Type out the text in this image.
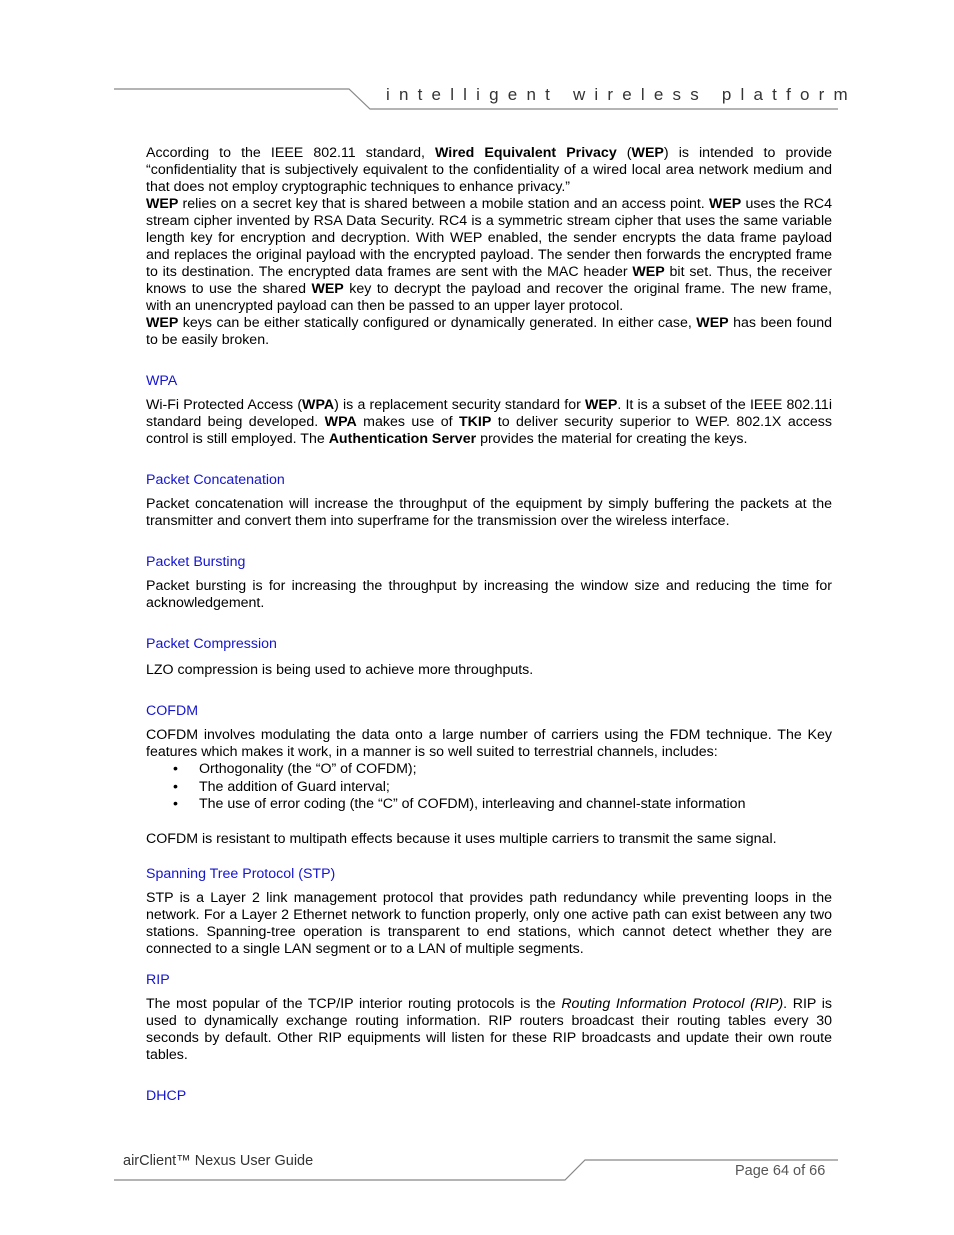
intelligent wireless platform

According to the IEEE 802.11 standard, Wired Equivalent Privacy (WEP) is intended to provide “confidentiality that is subjectively equivalent to the confidentiality of a wired local area network medium and that does not employ cryptographic techniques to enhance privacy.”

WEP relies on a secret key that is shared between a mobile station and an access point. WEP uses the RC4 stream cipher invented by RSA Data Security. RC4 is a symmetric stream cipher that uses the same variable length key for encryption and decryption. With WEP enabled, the sender encrypts the data frame payload and replaces the original payload with the encrypted payload. The sender then forwards the encrypted frame to its destination. The encrypted data frames are sent with the MAC header WEP bit set. Thus, the receiver knows to use the shared WEP key to decrypt the payload and recover the original frame. The new frame, with an unencrypted payload can then be passed to an upper layer protocol.

WEP keys can be either statically configured or dynamically generated. In either case, WEP has been found to be easily broken.

WPA

Wi-Fi Protected Access (WPA) is a replacement security standard for WEP. It is a subset of the IEEE 802.11i standard being developed. WPA makes use of TKIP to deliver security superior to WEP. 802.1X access control is still employed. The Authentication Server provides the material for creating the keys.

Packet Concatenation

Packet concatenation will increase the throughput of the equipment by simply buffering the packets at the transmitter and convert them into superframe for the transmission over the wireless interface.

Packet Bursting

Packet bursting is for increasing the throughput by increasing the window size and reducing the time for acknowledgement.

Packet Compression

LZO compression is being used to achieve more throughputs.

COFDM

COFDM involves modulating the data onto a large number of carriers using the FDM technique. The Key features which makes it work, in a manner is so well suited to terrestrial channels, includes:

• Orthogonality (the “O” of COFDM);
• The addition of Guard interval;
• The use of error coding (the “C” of COFDM), interleaving and channel-state information

COFDM is resistant to multipath effects because it uses multiple carriers to transmit the same signal.

Spanning Tree Protocol (STP)

STP is a Layer 2 link management protocol that provides path redundancy while preventing loops in the network. For a Layer 2 Ethernet network to function properly, only one active path can exist between any two stations. Spanning-tree operation is transparent to end stations, which cannot detect whether they are connected to a single LAN segment or to a LAN of multiple segments.

RIP

The most popular of the TCP/IP interior routing protocols is the Routing Information Protocol (RIP). RIP is used to dynamically exchange routing information. RIP routers broadcast their routing tables every 30 seconds by default. Other RIP equipments will listen for these RIP broadcasts and update their own route tables.

DHCP
airClient™ Nexus User Guide
Page 64 of 66
